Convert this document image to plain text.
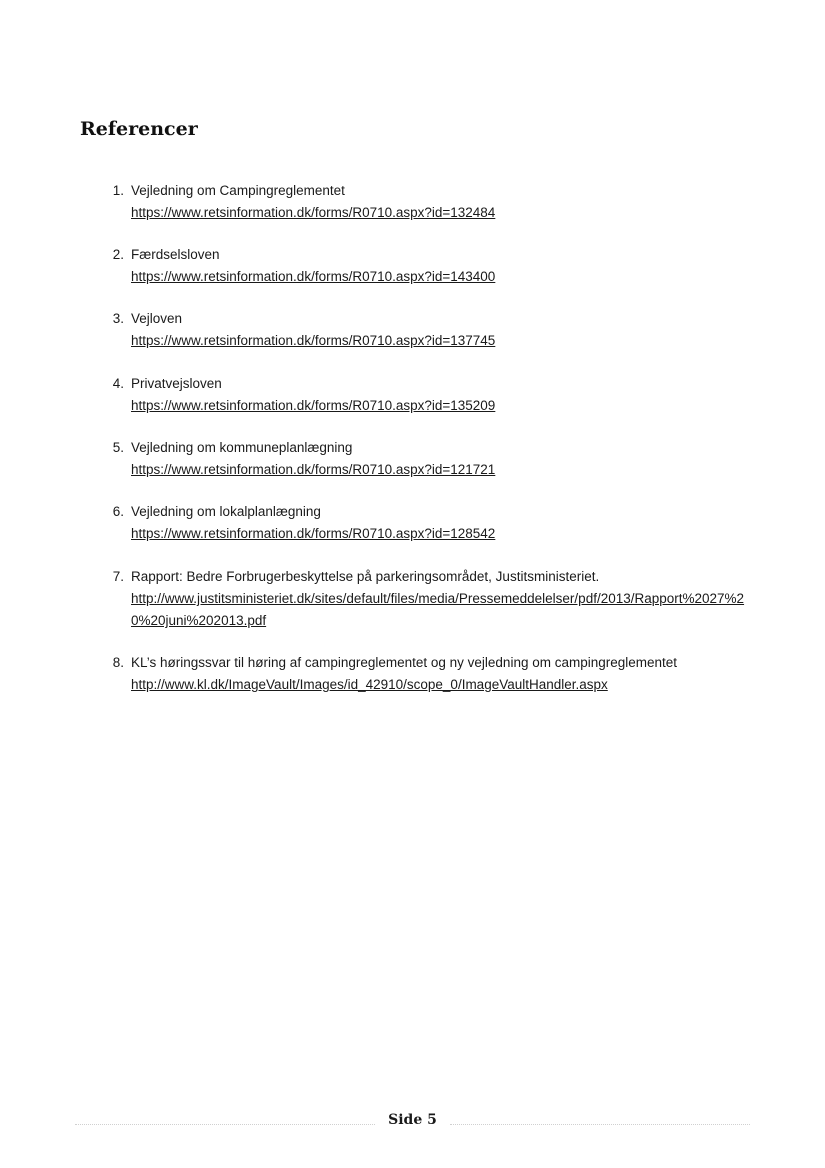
Referencer
1. Vejledning om Campingreglementet
https://www.retsinformation.dk/forms/R0710.aspx?id=132484
2. Færdselsloven
https://www.retsinformation.dk/forms/R0710.aspx?id=143400
3. Vejloven
https://www.retsinformation.dk/forms/R0710.aspx?id=137745
4. Privatvejsloven
https://www.retsinformation.dk/forms/R0710.aspx?id=135209
5. Vejledning om kommuneplanlægning
https://www.retsinformation.dk/forms/R0710.aspx?id=121721
6. Vejledning om lokalplanlægning
https://www.retsinformation.dk/forms/R0710.aspx?id=128542
7. Rapport: Bedre Forbrugerbeskyttelse på parkeringsområdet, Justitsministeriet.
http://www.justitsministeriet.dk/sites/default/files/media/Pressemeddelelser/pdf/2013/Rapport%2027%20%20juni%202013.pdf
8. KL’s høringssvar til høring af campingreglementet og ny vejledning om campingreglementet
http://www.kl.dk/ImageVault/Images/id_42910/scope_0/ImageVaultHandler.aspx
Side 5
